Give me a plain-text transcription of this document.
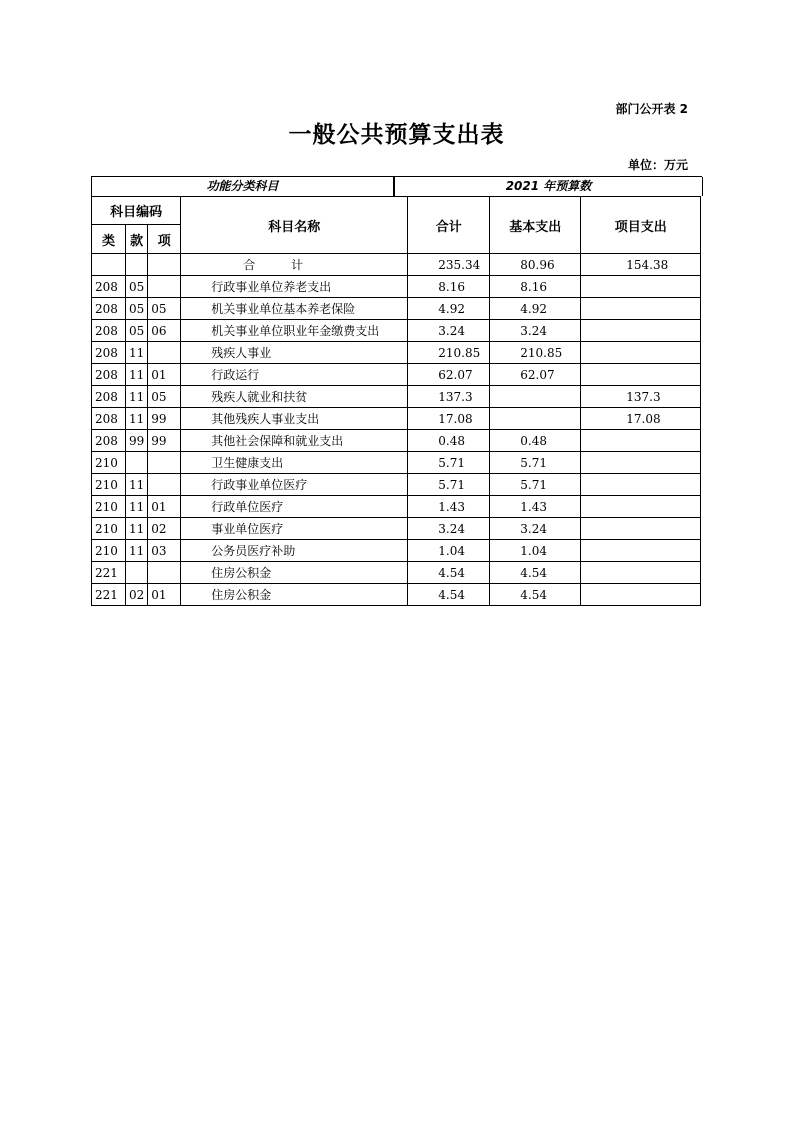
部门公开表 2
一般公共预算支出表
单位：万元
功能分类科目	2021 年预算数
科目编码			科目名称	合计	基本支出	项目支出
类	款	项				
			合 计	235.34	80.96	154.38
208	05		行政事业单位养老支出	8.16	8.16	
208	05	05	机关事业单位基本养老保险	4.92	4.92	
208	05	06	机关事业单位职业年金缴费支出	3.24	3.24	
208	11		残疾人事业	210.85	210.85	
208	11	01	行政运行	62.07	62.07	
208	11	05	残疾人就业和扶贫	137.3		137.3
208	11	99	其他残疾人事业支出	17.08		17.08
208	99	99	其他社会保障和就业支出	0.48	0.48	
210			卫生健康支出	5.71	5.71	
210	11		行政事业单位医疗	5.71	5.71	
210	11	01	行政单位医疗	1.43	1.43	
210	11	02	事业单位医疗	3.24	3.24	
210	11	03	公务员医疗补助	1.04	1.04	
221			住房公积金	4.54	4.54	
221	02	01	住房公积金	4.54	4.54	
